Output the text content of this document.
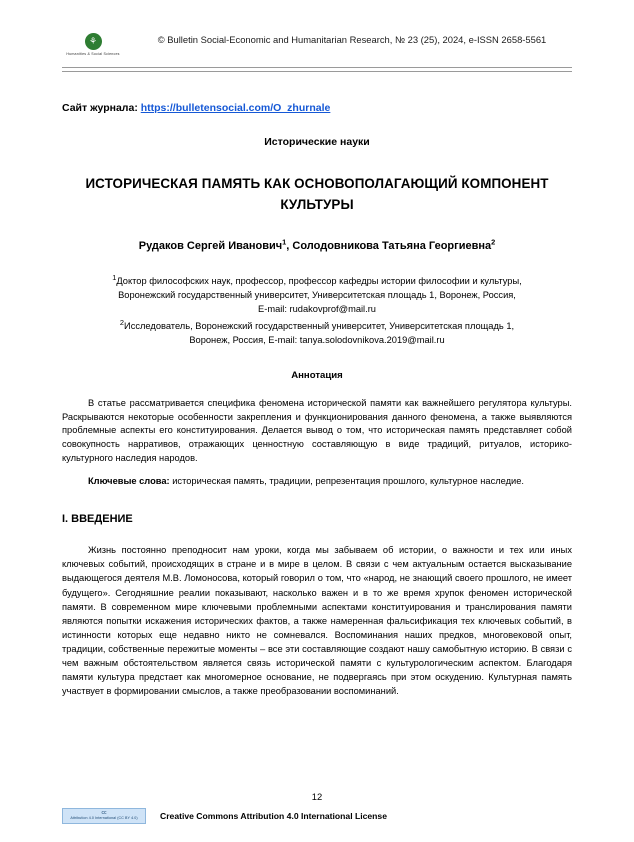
⚘
Humanities & Social Sciences
© Bulletin Social-Economic and Humanitarian Research, № 23 (25), 2024, e-ISSN 2658-5561
Сайт журнала: https://bulletensocial.com/O_zhurnale
Исторические науки
ИСТОРИЧЕСКАЯ ПАМЯТЬ КАК ОСНОВОПОЛАГАЮЩИЙ КОМПОНЕНТ КУЛЬТУРЫ
Рудаков Сергей Иванович$^1$, Солодовникова Татьяна Георгиевна$^2$

$^1$Доктор философских наук, профессор, профессор кафедры истории философии и культуры,

Воронежский государственный университет, Университетская площадь 1, Воронеж, Россия,

E-mail: rudakovprof@mail.ru

$^2$Исследователь, Воронежский государственный университет, Университетская площадь 1,

Воронеж, Россия, E-mail: tanya.solodovnikova.2019@mail.ru

Аннотация
В статье рассматривается специфика феномена исторической памяти как важнейшего регулятора культуры. Раскрываются некоторые особенности закрепления и функционирования данного феномена, а также выявляются проблемные аспекты его конституирования. Делается вывод о том, что историческая память представляет собой совокупность нарративов, отражающих ценностную составляющую в виде традиций, ритуалов, историко-культурного наследия народов.
Ключевые слова: историческая память, традиции, репрезентация прошлого, культурное наследие.
I. ВВЕДЕНИЕ
Жизнь постоянно преподносит нам уроки, когда мы забываем об истории, о важности и тех или иных ключевых событий, происходящих в стране и в мире в целом. В связи с чем актуальным остается высказывание выдающегося деятеля М.В. Ломоносова, который говорил о том, что «народ, не знающий своего прошлого, не имеет будущего». Сегодняшние реалии показывают, насколько важен и в то же время хрупок феномен исторической памяти. В современном мире ключевыми проблемными аспектами конституирования и транслирования памяти являются попытки искажения исторических фактов, а также намеренная фальсификация тех ключевых событий, в истинности которых еще недавно никто не сомневался. Воспоминания наших предков, многовековой опыт, традиции, собственные пережитые моменты – все эти составляющие создают нашу самобытную историю. В связи с чем важным обстоятельством является связь исторической памяти с культурологическим аспектом. Благодаря памяти культура предстает как многомерное основание, не подвергаясь при этом оскудению. Культурная память участвует в формировании смыслов, а также преобразовании воспоминаний.
12
cc
Attribution 4.0 International (CC BY 4.0)	Creative Commons Attribution 4.0 International License
